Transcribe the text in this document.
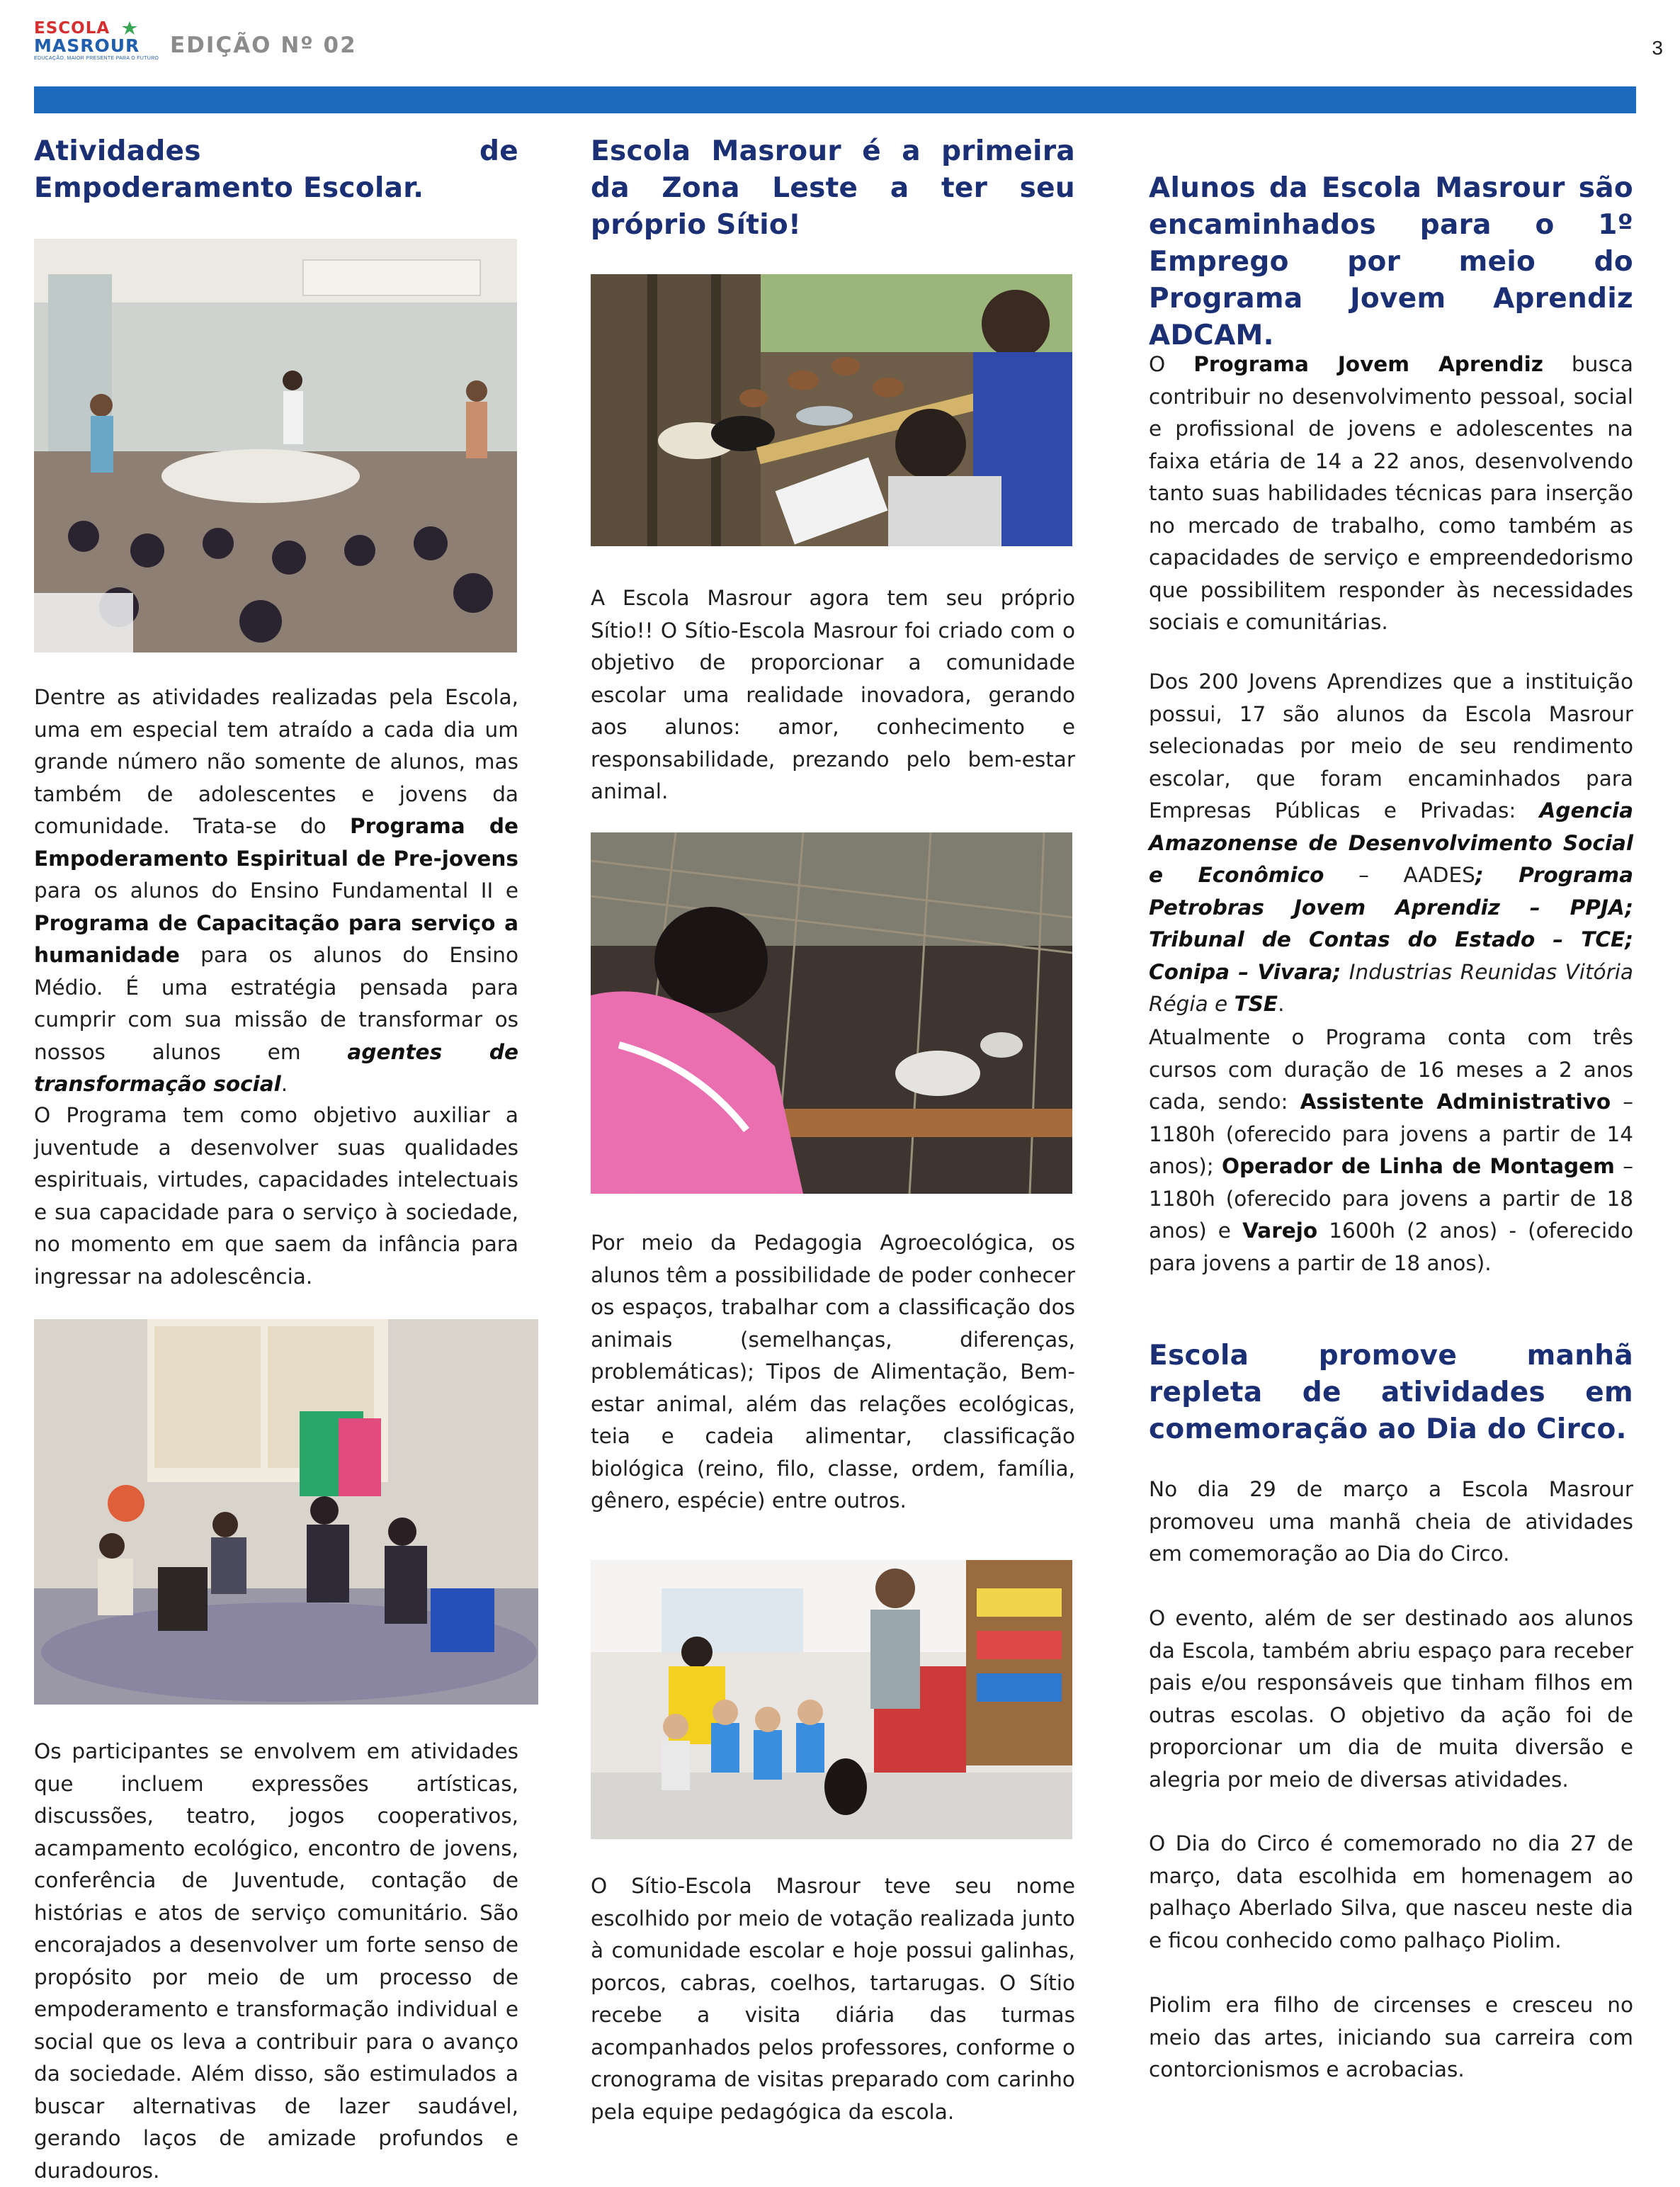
ESCOLA
MASROUR
EDUCAÇÃO, MAIOR PRESENTE PARA O FUTURO
EDIÇÃO Nº 02	3
Atividades de Empoderamento Escolar.

Dentre as atividades realizadas pela Escola, uma em especial tem atraído a cada dia um grande número não somente de alunos, mas também de adolescentes e jovens da comunidade. Trata-se do Programa de Empoderamento Espiritual de Pre-jovens para os alunos do Ensino Fundamental II e Programa de Capacitação para serviço a humanidade para os alunos do Ensino Médio. É uma estratégia pensada para cumprir com sua missão de transformar os nossos alunos em agentes de transformação social.

O Programa tem como objetivo auxiliar a juventude a desenvolver suas qualidades espirituais, virtudes, capacidades intelectuais e sua capacidade para o serviço à sociedade, no momento em que saem da infância para ingressar na adolescência.

Os participantes se envolvem em atividades que incluem expressões artísticas, discussões, teatro, jogos cooperativos, acampamento ecológico, encontro de jovens, conferência de Juventude, contação de histórias e atos de serviço comunitário. São encorajados a desenvolver um forte senso de propósito por meio de um processo de empoderamento e transformação individual e social que os leva a contribuir para o avanço da sociedade. Além disso, são estimulados a buscar alternativas de lazer saudável, gerando laços de amizade profundos e duradouros.

Escola Masrour é a primeira da Zona Leste a ter seu próprio Sítio!

A Escola Masrour agora tem seu próprio Sítio!! O Sítio-Escola Masrour foi criado com o objetivo de proporcionar a comunidade escolar uma realidade inovadora, gerando aos alunos: amor, conhecimento e responsabilidade, prezando pelo bem-estar animal.

Por meio da Pedagogia Agroecológica, os alunos têm a possibilidade de poder conhecer os espaços, trabalhar com a classificação dos animais (semelhanças, diferenças, problemáticas); Tipos de Alimentação, Bem-estar animal, além das relações ecológicas, teia e cadeia alimentar, classificação biológica (reino, filo, classe, ordem, família, gênero, espécie) entre outros.

O Sítio-Escola Masrour teve seu nome escolhido por meio de votação realizada junto à comunidade escolar e hoje possui galinhas, porcos, cabras, coelhos, tartarugas. O Sítio recebe a visita diária das turmas acompanhados pelos professores, conforme o cronograma de visitas preparado com carinho pela equipe pedagógica da escola.

Alunos da Escola Masrour são encaminhados para o 1º Emprego por meio do Programa Jovem Aprendiz ADCAM.

O Programa Jovem Aprendiz busca contribuir no desenvolvimento pessoal, social e profissional de jovens e adolescentes na faixa etária de 14 a 22 anos, desenvolvendo tanto suas habilidades técnicas para inserção no mercado de trabalho, como também as capacidades de serviço e empreendedorismo que possibilitem responder às necessidades sociais e comunitárias.

Dos 200 Jovens Aprendizes que a instituição possui, 17 são alunos da Escola Masrour selecionadas por meio de seu rendimento escolar, que foram encaminhados para Empresas Públicas e Privadas: Agencia Amazonense de Desenvolvimento Social e Econômico – AADES; Programa Petrobras Jovem Aprendiz – PPJA; Tribunal de Contas do Estado – TCE; Conipa – Vivara; Industrias Reunidas Vitória Régia e TSE.

Atualmente o Programa conta com três cursos com duração de 16 meses a 2 anos cada, sendo: Assistente Administrativo – 1180h (oferecido para jovens a partir de 14 anos); Operador de Linha de Montagem – 1180h (oferecido para jovens a partir de 18 anos) e Varejo 1600h (2 anos) - (oferecido para jovens a partir de 18 anos).

Escola promove manhã repleta de atividades em comemoração ao Dia do Circo.

No dia 29 de março a Escola Masrour promoveu uma manhã cheia de atividades em comemoração ao Dia do Circo.

O evento, além de ser destinado aos alunos da Escola, também abriu espaço para receber pais e/ou responsáveis que tinham filhos em outras escolas. O objetivo da ação foi de proporcionar um dia de muita diversão e alegria por meio de diversas atividades.

O Dia do Circo é comemorado no dia 27 de março, data escolhida em homenagem ao palhaço Aberlado Silva, que nasceu neste dia e ficou conhecido como palhaço Piolim.

Piolim era filho de circenses e cresceu no meio das artes, iniciando sua carreira com contorcionismos e acrobacias.
